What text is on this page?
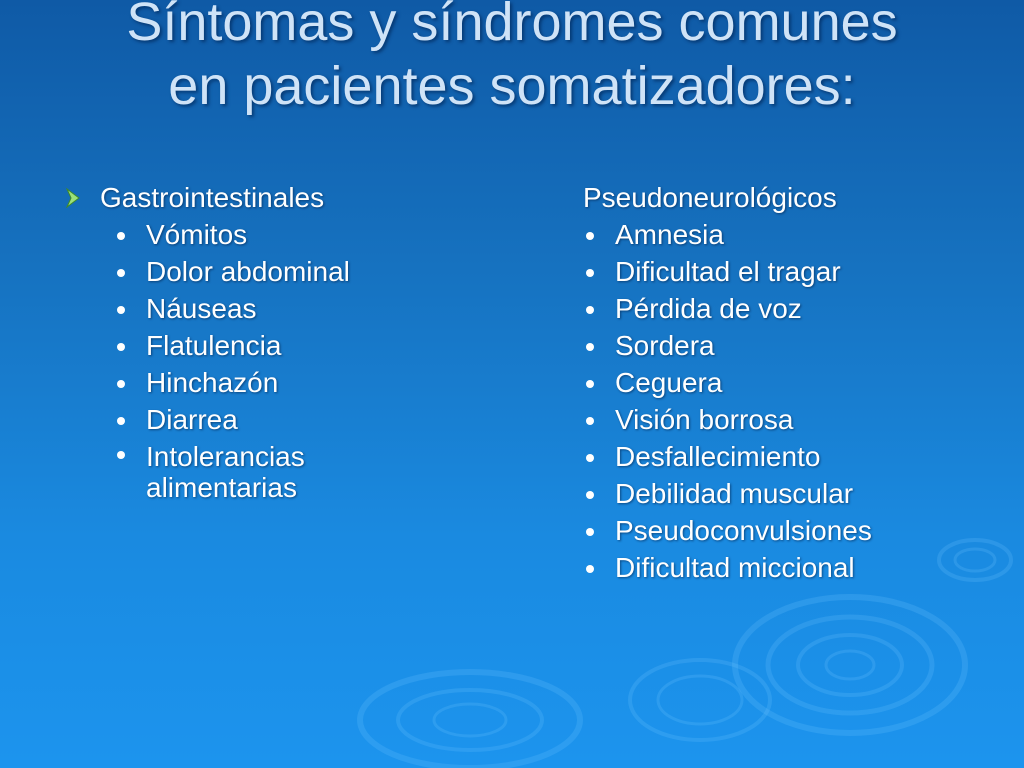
Síntomas y síndromes comunes
en pacientes somatizadores:
Gastrointestinales
Vómitos
Dolor abdominal
Náuseas
Flatulencia
Hinchazón
Diarrea
Intolerancias
alimentarias
Pseudoneurológicos
Amnesia
Dificultad el tragar
Pérdida de voz
Sordera
Ceguera
Visión borrosa
Desfallecimiento
Debilidad muscular
Pseudoconvulsiones
Dificultad miccional
